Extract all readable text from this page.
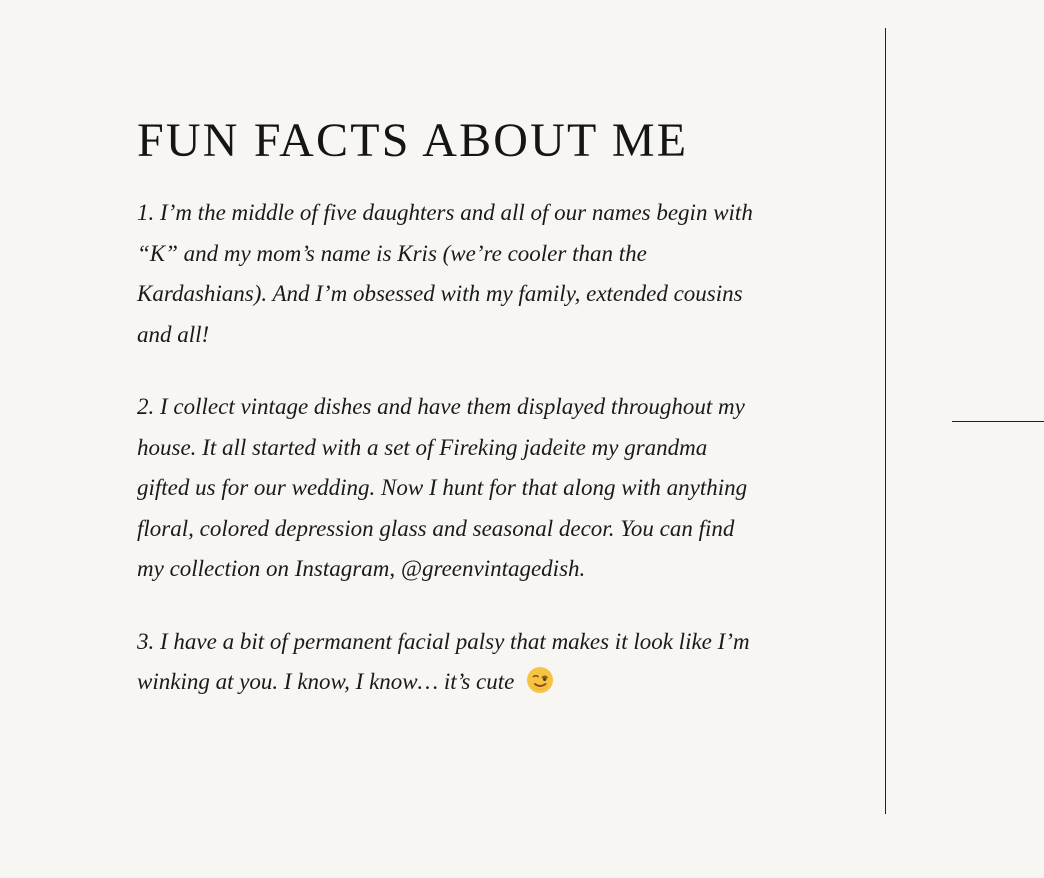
FUN FACTS ABOUT ME

1. I’m the middle of five daughters and all of our names begin with “K” and my mom’s name is Kris (we’re cooler than the Kardashians). And I’m obsessed with my family, extended cousins and all!

2. I collect vintage dishes and have them displayed throughout my house. It all started with a set of Fireking jadeite my grandma gifted us for our wedding. Now I hunt for that along with anything floral, colored depression glass and seasonal decor. You can find my collection on Instagram, @greenvintagedish.

3. I have a bit of permanent facial palsy that makes it look like I’m winking at you. I know, I know… it’s cute
